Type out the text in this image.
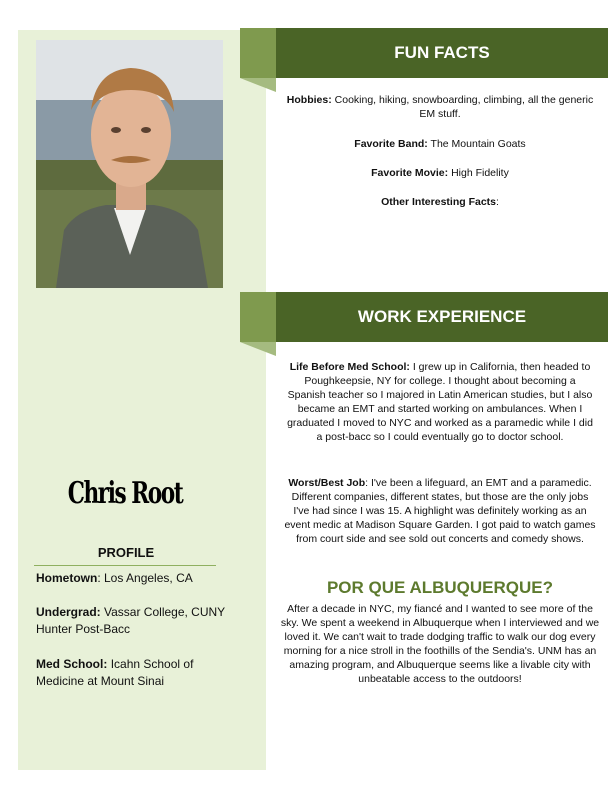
FUN FACTS

Hobbies: Cooking, hiking, snowboarding, climbing, all the generic EM stuff.

Favorite Band: The Mountain Goats

Favorite Movie: High Fidelity

Other Interesting Facts:

WORK EXPERIENCE

Life Before Med School: I grew up in California, then headed to Poughkeepsie, NY for college. I thought about becoming a Spanish teacher so I majored in Latin American studies, but I also became an EMT and started working on ambulances. When I graduated I moved to NYC and worked as a paramedic while I did a post-bacc so I could eventually go to doctor school.

Worst/Best Job: I've been a lifeguard, an EMT and a paramedic. Different companies, different states, but those are the only jobs I've had since I was 15. A highlight was definitely working as an event medic at Madison Square Garden. I got paid to watch games from court side and see sold out concerts and comedy shows.

POR QUE ALBUQUERQUE?

After a decade in NYC, my fiancé and I wanted to see more of the sky. We spent a weekend in Albuquerque when I interviewed and we loved it. We can't wait to trade dodging traffic to walk our dog every morning for a nice stroll in the foothills of the Sendia's. UNM has an amazing program, and Albuquerque seems like a livable city with unbeatable access to the outdoors!

Chris Root
PROFILE
Hometown: Los Angeles, CA
Undergrad: Vassar College, CUNY Hunter Post-Bacc
Med School: Icahn School of Medicine at Mount Sinai
